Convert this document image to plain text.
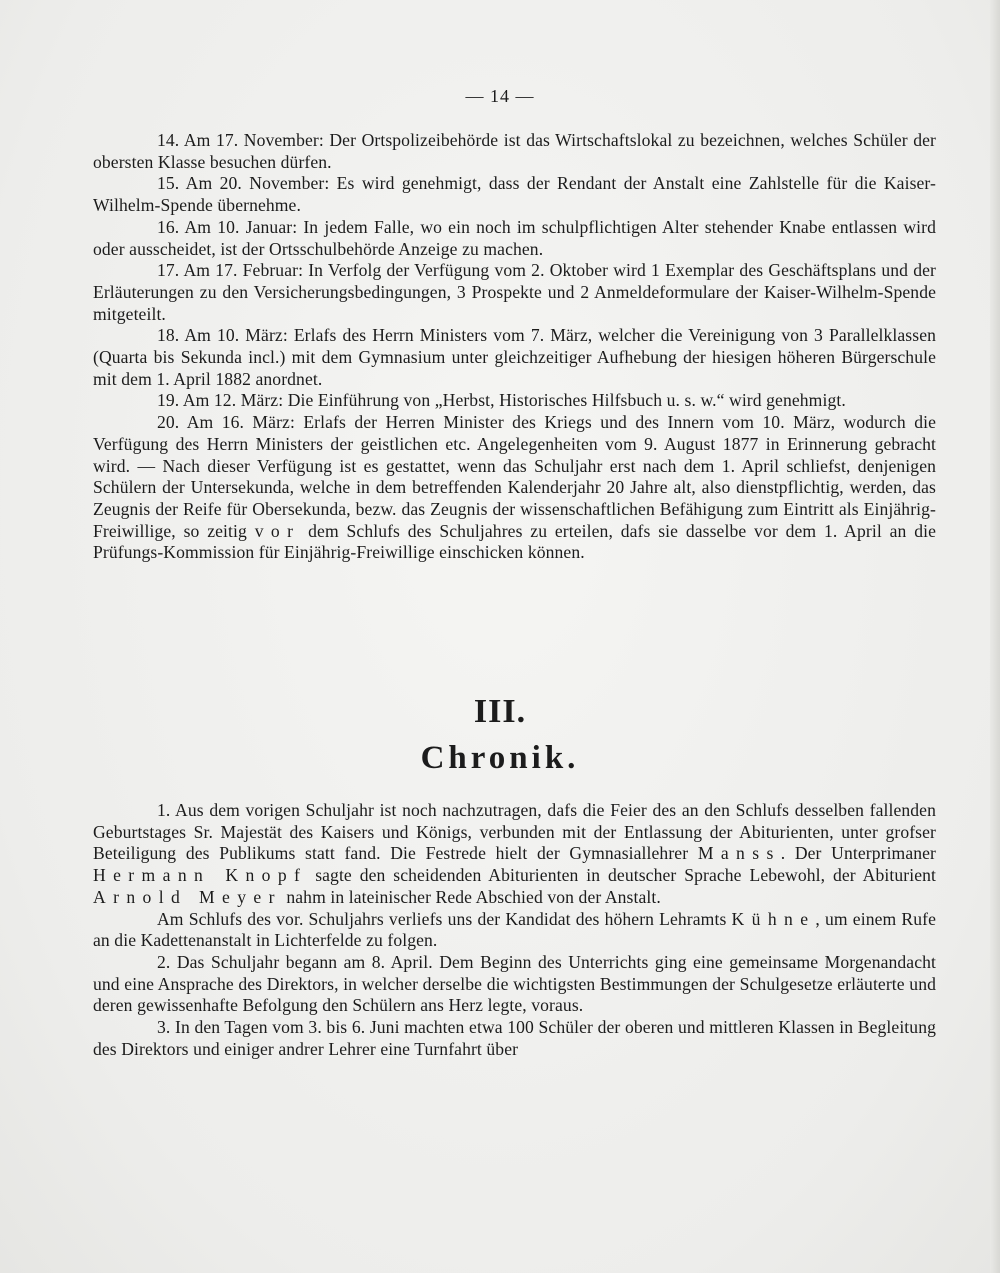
— 14 —

14. Am 17. November: Der Ortspolizeibehörde ist das Wirtschaftslokal zu bezeichnen, welches Schüler der obersten Klasse besuchen dürfen.

15. Am 20. November: Es wird genehmigt, dass der Rendant der Anstalt eine Zahlstelle für die Kaiser-Wilhelm-Spende übernehme.

16. Am 10. Januar: In jedem Falle, wo ein noch im schulpflichtigen Alter stehender Knabe entlassen wird oder ausscheidet, ist der Ortsschulbehörde Anzeige zu machen.

17. Am 17. Februar: In Verfolg der Verfügung vom 2. Oktober wird 1 Exemplar des Geschäftsplans und der Erläuterungen zu den Versicherungsbedingungen, 3 Prospekte und 2 Anmeldeformulare der Kaiser-Wilhelm-Spende mitgeteilt.

18. Am 10. März: Erlafs des Herrn Ministers vom 7. März, welcher die Vereinigung von 3 Parallelklassen (Quarta bis Sekunda incl.) mit dem Gymnasium unter gleichzeitiger Aufhebung der hiesigen höheren Bürgerschule mit dem 1. April 1882 anordnet.

19. Am 12. März: Die Einführung von „Herbst, Historisches Hilfsbuch u. s. w.“ wird genehmigt.

20. Am 16. März: Erlafs der Herren Minister des Kriegs und des Innern vom 10. März, wodurch die Verfügung des Herrn Ministers der geistlichen etc. Angelegenheiten vom 9. August 1877 in Erinnerung gebracht wird. — Nach dieser Verfügung ist es gestattet, wenn das Schuljahr erst nach dem 1. April schliefst, denjenigen Schülern der Untersekunda, welche in dem betreffenden Kalenderjahr 20 Jahre alt, also dienstpflichtig, werden, das Zeugnis der Reife für Obersekunda, bezw. das Zeugnis der wissenschaftlichen Befähigung zum Eintritt als Einjährig-Freiwillige, so zeitig vor dem Schlufs des Schuljahres zu erteilen, dafs sie dasselbe vor dem 1. April an die Prüfungs-Kommission für Einjährig-Freiwillige einschicken können.

III.
Chronik.

1. Aus dem vorigen Schuljahr ist noch nachzutragen, dafs die Feier des an den Schlufs desselben fallenden Geburtstages Sr. Majestät des Kaisers und Königs, verbunden mit der Entlassung der Abiturienten, unter grofser Beteiligung des Publikums statt fand. Die Festrede hielt der Gymnasiallehrer Manss. Der Unterprimaner Hermann Knopf sagte den scheidenden Abiturienten in deutscher Sprache Lebewohl, der Abiturient Arnold Meyer nahm in lateinischer Rede Abschied von der Anstalt.

Am Schlufs des vor. Schuljahrs verliefs uns der Kandidat des höhern Lehramts Kühne, um einem Rufe an die Kadettenanstalt in Lichterfelde zu folgen.

2. Das Schuljahr begann am 8. April. Dem Beginn des Unterrichts ging eine gemeinsame Morgenandacht und eine Ansprache des Direktors, in welcher derselbe die wichtigsten Bestimmungen der Schulgesetze erläuterte und deren gewissenhafte Befolgung den Schülern ans Herz legte, voraus.

3. In den Tagen vom 3. bis 6. Juni machten etwa 100 Schüler der oberen und mittleren Klassen in Begleitung des Direktors und einiger andrer Lehrer eine Turnfahrt über
